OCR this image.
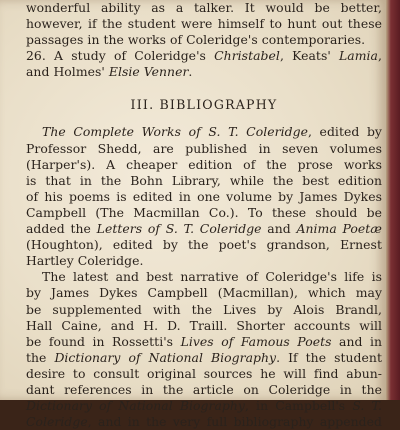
wonderful ability as a talker. It would be better,
however, if the student were himself to hunt out these
passages in the works of Coleridge's contemporaries.
26. A study of Coleridge's Christabel, Keats' Lamia,
and Holmes' Elsie Venner.
III. BIBLIOGRAPHY
The Complete Works of S. T. Coleridge, edited by
Professor Shedd, are published in seven volumes
(Harper's). A cheaper edition of the prose works
is that in the Bohn Library, while the best edition
of his poems is edited in one volume by James Dykes
Campbell (The Macmillan Co.). To these should be
added the Letters of S. T. Coleridge and Anima Poetæ
(Houghton), edited by the poet's grandson, Ernest
Hartley Coleridge.
The latest and best narrative of Coleridge's life is
by James Dykes Campbell (Macmillan), which may
be supplemented with the Lives by Alois Brandl,
Hall Caine, and H. D. Traill. Shorter accounts will
be found in Rossetti's Lives of Famous Poets and in
the Dictionary of National Biography. If the student
desire to consult original sources he will find abun-
dant references in the article on Coleridge in the
Dictionary of National Biography, in Campbell's S. T.
Coleridge, and in the very full bibliography appended
